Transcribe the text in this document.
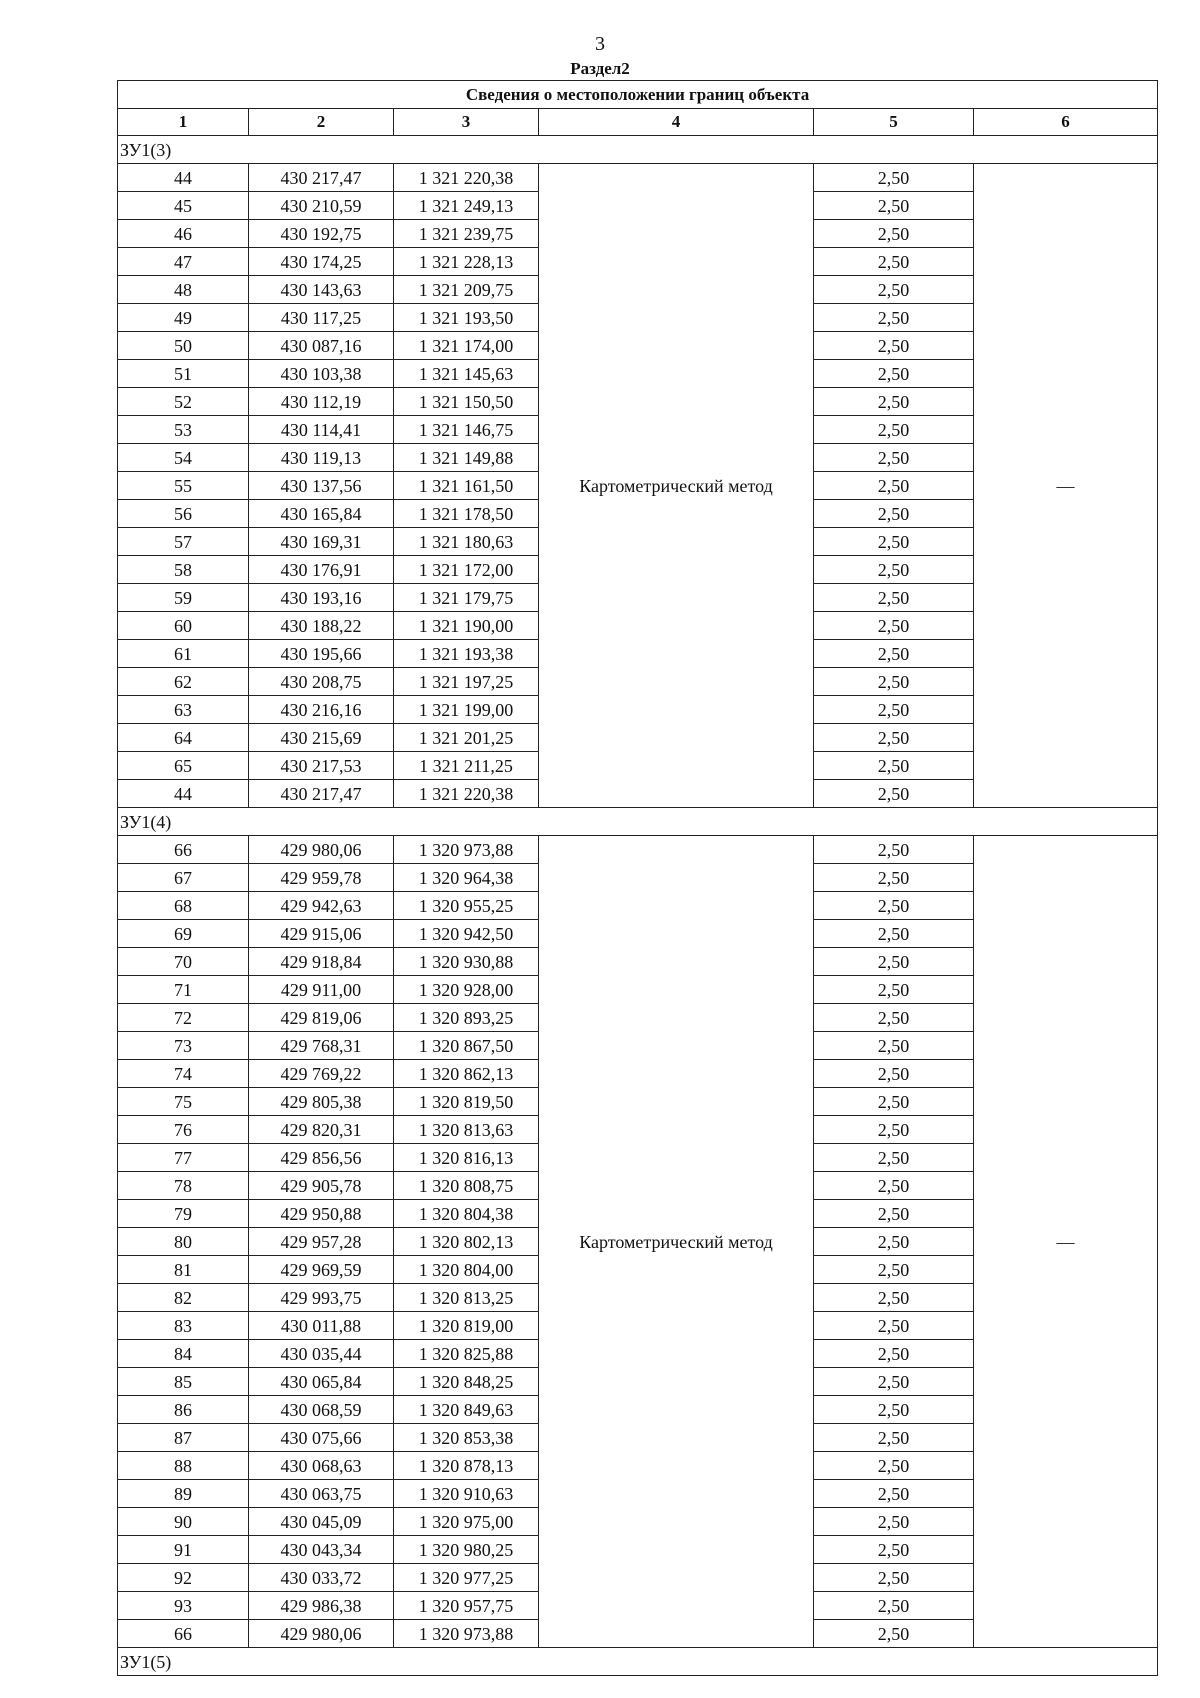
3
Раздел2
Сведения о местоположении границ объекта					
1	2	3	4	5	6
ЗУ1(3)					
44	430 217,47	1 321 220,38	Картометрический метод	2,50	—
45	430 210,59	1 321 249,13		2,50	
46	430 192,75	1 321 239,75		2,50	
47	430 174,25	1 321 228,13		2,50	
48	430 143,63	1 321 209,75		2,50	
49	430 117,25	1 321 193,50		2,50	
50	430 087,16	1 321 174,00		2,50	
51	430 103,38	1 321 145,63		2,50	
52	430 112,19	1 321 150,50		2,50	
53	430 114,41	1 321 146,75		2,50	
54	430 119,13	1 321 149,88		2,50	
55	430 137,56	1 321 161,50		2,50	
56	430 165,84	1 321 178,50		2,50	
57	430 169,31	1 321 180,63		2,50	
58	430 176,91	1 321 172,00		2,50	
59	430 193,16	1 321 179,75		2,50	
60	430 188,22	1 321 190,00		2,50	
61	430 195,66	1 321 193,38		2,50	
62	430 208,75	1 321 197,25		2,50	
63	430 216,16	1 321 199,00		2,50	
64	430 215,69	1 321 201,25		2,50	
65	430 217,53	1 321 211,25		2,50	
44	430 217,47	1 321 220,38		2,50	
ЗУ1(4)					
66	429 980,06	1 320 973,88	Картометрический метод	2,50	—
67	429 959,78	1 320 964,38		2,50	
68	429 942,63	1 320 955,25		2,50	
69	429 915,06	1 320 942,50		2,50	
70	429 918,84	1 320 930,88		2,50	
71	429 911,00	1 320 928,00		2,50	
72	429 819,06	1 320 893,25		2,50	
73	429 768,31	1 320 867,50		2,50	
74	429 769,22	1 320 862,13		2,50	
75	429 805,38	1 320 819,50		2,50	
76	429 820,31	1 320 813,63		2,50	
77	429 856,56	1 320 816,13		2,50	
78	429 905,78	1 320 808,75		2,50	
79	429 950,88	1 320 804,38		2,50	
80	429 957,28	1 320 802,13		2,50	
81	429 969,59	1 320 804,00		2,50	
82	429 993,75	1 320 813,25		2,50	
83	430 011,88	1 320 819,00		2,50	
84	430 035,44	1 320 825,88		2,50	
85	430 065,84	1 320 848,25		2,50	
86	430 068,59	1 320 849,63		2,50	
87	430 075,66	1 320 853,38		2,50	
88	430 068,63	1 320 878,13		2,50	
89	430 063,75	1 320 910,63		2,50	
90	430 045,09	1 320 975,00		2,50	
91	430 043,34	1 320 980,25		2,50	
92	430 033,72	1 320 977,25		2,50	
93	429 986,38	1 320 957,75		2,50	
66	429 980,06	1 320 973,88		2,50	
ЗУ1(5)					
